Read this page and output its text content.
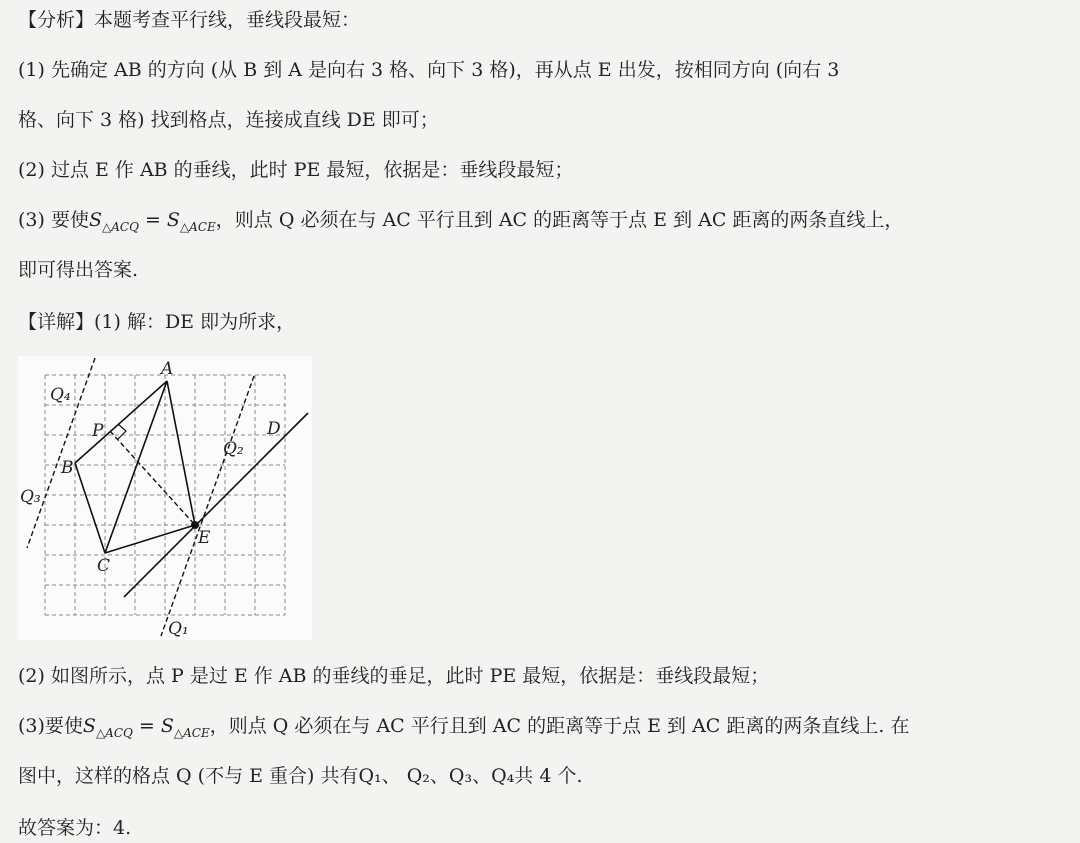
【分析】本题考查平行线，垂线段最短：
(1) 先确定 AB 的方向 (从 B 到 A 是向右 3 格、向下 3 格)，再从点 E 出发，按相同方向 (向右 3
格、向下 3 格) 找到格点，连接成直线 DE 即可；
(2) 过点 E 作 AB 的垂线，此时 PE 最短，依据是：垂线段最短；
(3) 要使$S_{\triangle ACQ} = S_{\triangle ACE}$，则点 Q 必须在与 AC 平行且到 AC 的距离等于点 E 到 AC 距离的两条直线上，
即可得出答案.
【详解】(1) 解：DE 即为所求，
A
B
C
D
E
P
Q₁
Q₂
Q₃
Q₄
(2) 如图所示，点 P 是过 E 作 AB 的垂线的垂足，此时 PE 最短，依据是：垂线段最短；
(3)要使$S_{\triangle ACQ} = S_{\triangle ACE}$，则点 Q 必须在与 AC 平行且到 AC 的距离等于点 E 到 AC 距离的两条直线上. 在
图中，这样的格点 Q (不与 E 重合) 共有Q₁、 Q₂、Q₃、Q₄共 4 个.
故答案为：4.
